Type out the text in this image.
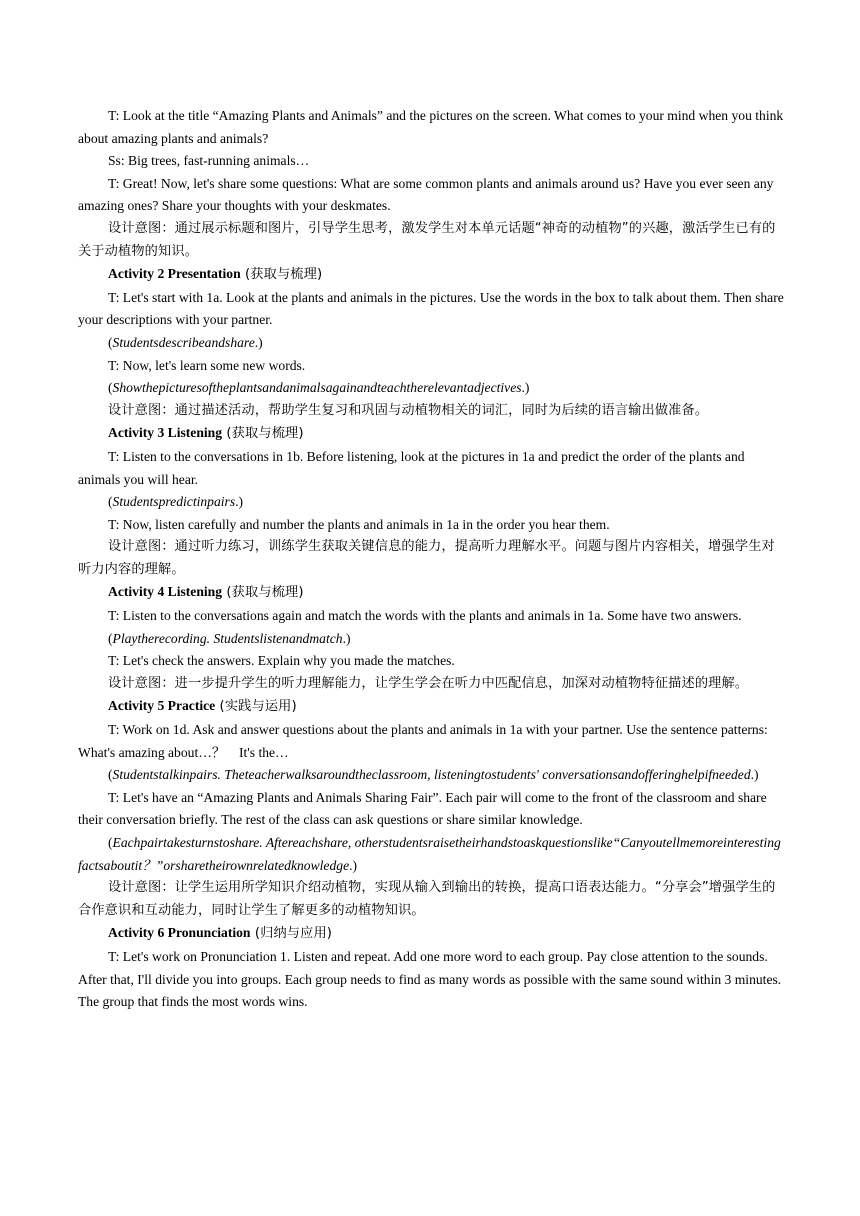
T: Look at the title “Amazing Plants and Animals” and the pictures on the screen. What comes to your mind when you think about amazing plants and animals?

Ss: Big trees, fast-running animals…

T: Great! Now, let's share some questions: What are some common plants and animals around us? Have you ever seen any amazing ones? Share your thoughts with your deskmates.

设计意图：通过展示标题和图片，引导学生思考，激发学生对本单元话题“神奇的动植物”的兴趣，激活学生已有的关于动植物的知识。

Activity 2 Presentation (获取与梳理)

T: Let's start with 1a. Look at the plants and animals in the pictures. Use the words in the box to talk about them. Then share your descriptions with your partner.

(Studentsdescribeandshare.)

T: Now, let's learn some new words.

(Showthepicturesoftheplantsandanimalsagainandteachtherelevantadjectives.)

设计意图：通过描述活动，帮助学生复习和巩固与动植物相关的词汇，同时为后续的语言输出做准备。

Activity 3 Listening (获取与梳理)

T: Listen to the conversations in 1b. Before listening, look at the pictures in 1a and predict the order of the plants and animals you will hear.

(Studentspredictinpairs.)

T: Now, listen carefully and number the plants and animals in 1a in the order you hear them.

设计意图：通过听力练习，训练学生获取关键信息的能力，提高听力理解水平。问题与图片内容相关，增强学生对听力内容的理解。

Activity 4 Listening (获取与梳理)

T: Listen to the conversations again and match the words with the plants and animals in 1a. Some have two answers.

(Playtherecording. Studentslistenandmatch.)

T: Let's check the answers. Explain why you made the matches.

设计意图：进一步提升学生的听力理解能力，让学生学会在听力中匹配信息，加深对动植物特征描述的理解。

Activity 5 Practice (实践与运用)

T: Work on 1d. Ask and answer questions about the plants and animals in 1a with your partner. Use the sentence patterns: What's amazing about…？　It's the…

(Studentstalkinpairs. Theteacherwalksaroundtheclassroom, listeningtostudents' conversationsandofferinghelpifneeded.)

T: Let's have an “Amazing Plants and Animals Sharing Fair”. Each pair will come to the front of the classroom and share their conversation briefly. The rest of the class can ask questions or share similar knowledge.

(Eachpairtakesturnstoshare. Aftereachshare, otherstudentsraisetheirhandstoaskquestionslike“Canyoutellmemoreinterestingfactsaboutit？”orsharetheirownrelatedknowledge.)

设计意图：让学生运用所学知识介绍动植物，实现从输入到输出的转换，提高口语表达能力。“分享会”增强学生的合作意识和互动能力，同时让学生了解更多的动植物知识。

Activity 6 Pronunciation (归纳与应用)

T: Let's work on Pronunciation 1. Listen and repeat. Add one more word to each group. Pay close attention to the sounds. After that, I'll divide you into groups. Each group needs to find as many words as possible with the same sound within 3 minutes. The group that finds the most words wins.
